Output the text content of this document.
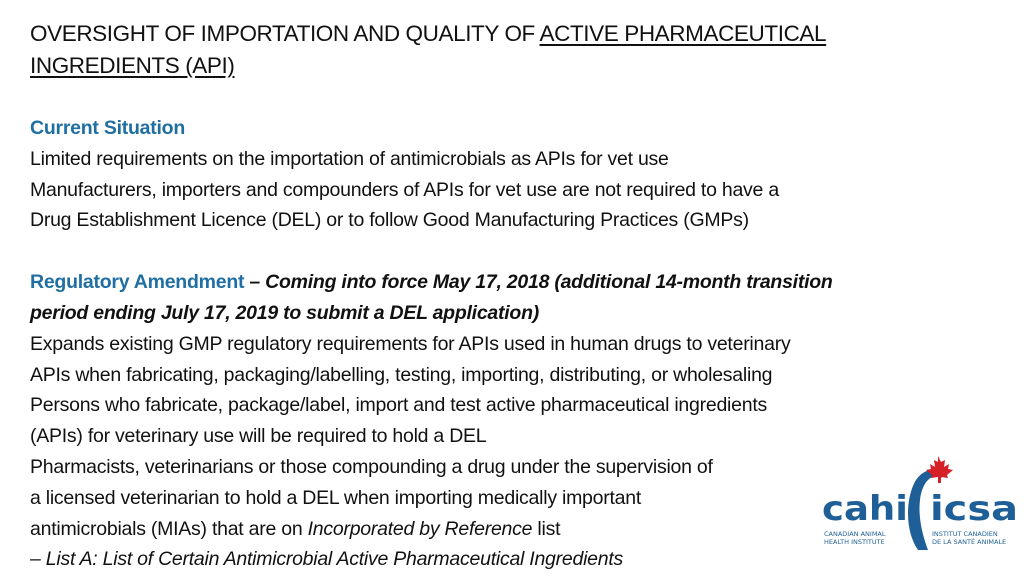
OVERSIGHT OF IMPORTATION AND QUALITY OF ACTIVE PHARMACEUTICAL
INGREDIENTS (API)
Current Situation
Limited requirements on the importation of antimicrobials as APIs for vet use
Manufacturers, importers and compounders of APIs for vet use are not required to have a
Drug Establishment Licence (DEL) or to follow Good Manufacturing Practices (GMPs)
Regulatory Amendment – Coming into force May 17, 2018 (additional 14-month transition
period ending July 17, 2019 to submit a DEL application)
Expands existing GMP regulatory requirements for APIs used in human drugs to veterinary
APIs when fabricating, packaging/labelling, testing, importing, distributing, or wholesaling
Persons who fabricate, package/label, import and test active pharmaceutical ingredients
(APIs) for veterinary use will be required to hold a DEL
Pharmacists, veterinarians or those compounding a drug under the supervision of
a licensed veterinarian to hold a DEL when importing medically important
antimicrobials (MIAs) that are on Incorporated by Reference list
– List A: List of Certain Antimicrobial Active Pharmaceutical Ingredients
cahi icsa
CANADIAN ANIMAL
HEALTH INSTITUTE
INSTITUT CANADIEN
DE LA SANTÉ ANIMALE
